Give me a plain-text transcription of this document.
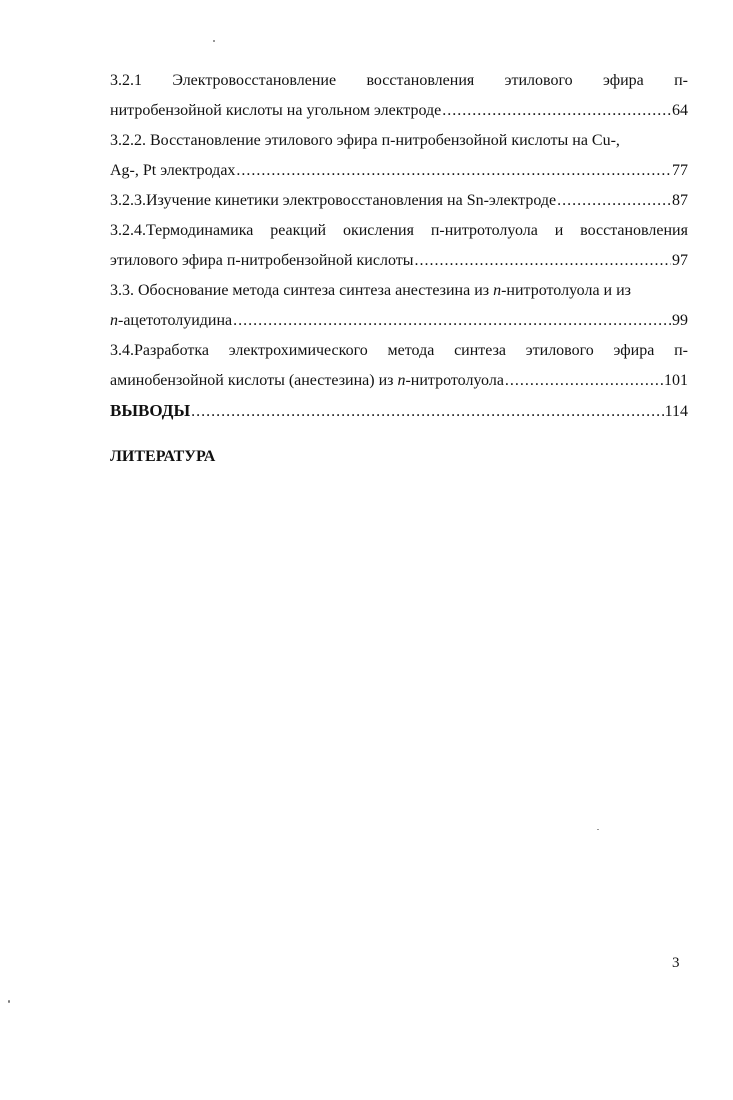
3.2.1 Электровосстановление восстановления этилового эфира п-
нитробензойной кислоты на угольном электроде .....	64
3.2.2. Восстановление этилового эфира п-нитробензойной кислоты на Cu-,
Ag-, Pt электродах .....	77
3.2.3.Изучение кинетики электровосстановления на Sn-электроде .....	87
3.2.4.Термодинамика реакций окисления п-нитротолуола и восстановления
этилового эфира п-нитробензойной кислоты .....	97
3.3. Обоснование метода синтеза синтеза анестезина из п-нитротолуола и из
п-ацетотолуидина .....	99
3.4.Разработка электрохимического метода синтеза этилового эфира п-
аминобензойной кислоты (анестезина) из п-нитротолуола .....	101
ВЫВОДЫ .....	114
ЛИТЕРАТУРА
3
